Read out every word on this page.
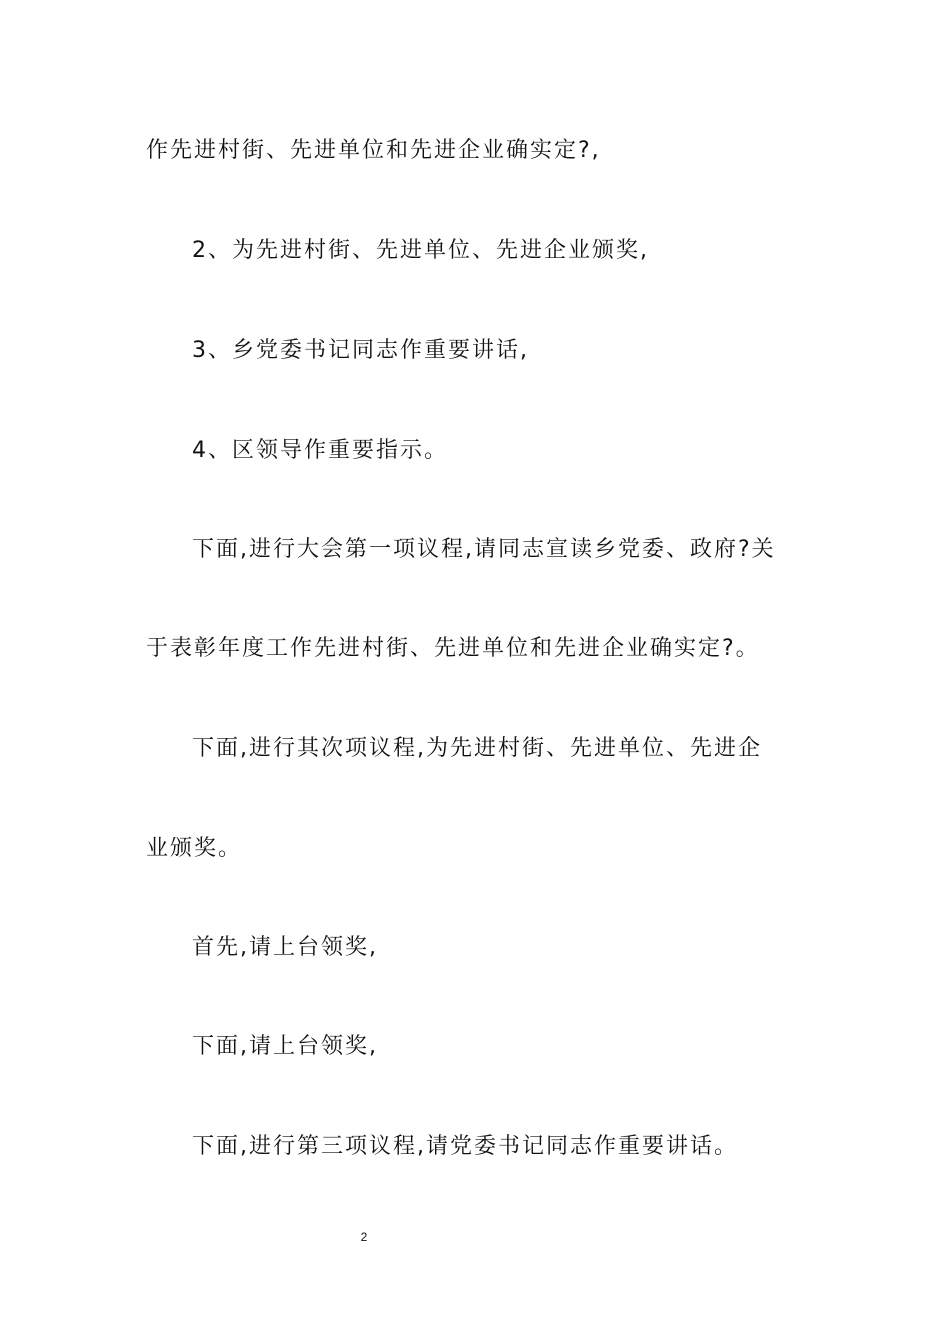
作先进村街、先进单位和先进企业确实定?,
2、为先进村街、先进单位、先进企业颁奖,
3、乡党委书记同志作重要讲话,
4、区领导作重要指示。
下面,进行大会第一项议程,请同志宣读乡党委、政府?关
于表彰年度工作先进村街、先进单位和先进企业确实定?。
下面,进行其次项议程,为先进村街、先进单位、先进企
业颁奖。
首先,请上台领奖,
下面,请上台领奖,
下面,进行第三项议程,请党委书记同志作重要讲话。
2
